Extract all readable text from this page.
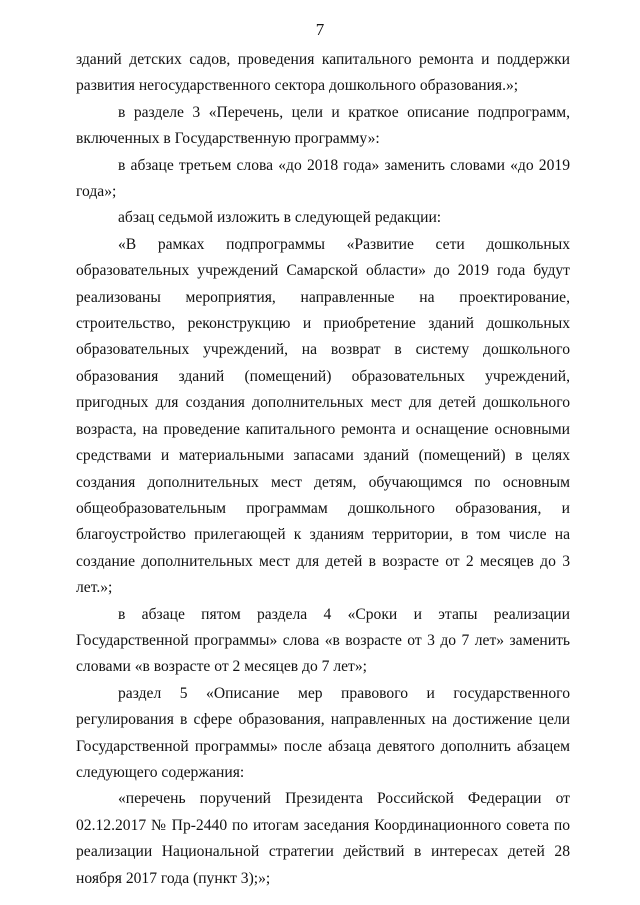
7

зданий детских садов, проведения капитального ремонта и поддержки развития негосударственного сектора дошкольного образования.»;

в разделе 3 «Перечень, цели и краткое описание подпрограмм, включенных в Государственную программу»:

в абзаце третьем слова «до 2018 года» заменить словами «до 2019 года»;

абзац седьмой изложить в следующей редакции:

«В рамках подпрограммы «Развитие сети дошкольных образовательных учреждений Самарской области» до 2019 года будут реализованы мероприятия, направленные на проектирование, строительство, реконструкцию и приобретение зданий дошкольных образовательных учреждений, на возврат в систему дошкольного образования зданий (помещений) образовательных учреждений, пригодных для создания дополнительных мест для детей дошкольного возраста, на проведение капитального ремонта и оснащение основными средствами и материальными запасами зданий (помещений) в целях создания дополнительных мест детям, обучающимся по основным общеобразовательным программам дошкольного образования, и благоустройство прилегающей к зданиям территории, в том числе на создание дополнительных мест для детей в возрасте от 2 месяцев до 3 лет.»;

в абзаце пятом раздела 4 «Сроки и этапы реализации Государственной программы» слова «в возрасте от 3 до 7 лет» заменить словами «в возрасте от 2 месяцев до 7 лет»;

раздел 5 «Описание мер правового и государственного регулирования в сфере образования, направленных на достижение цели Государственной программы» после абзаца девятого дополнить абзацем следующего содержания:

«перечень поручений Президента Российской Федерации от 02.12.2017 № Пр-2440 по итогам заседания Координационного совета по реализации Национальной стратегии действий в интересах детей 28 ноября 2017 года (пункт 3);»;
